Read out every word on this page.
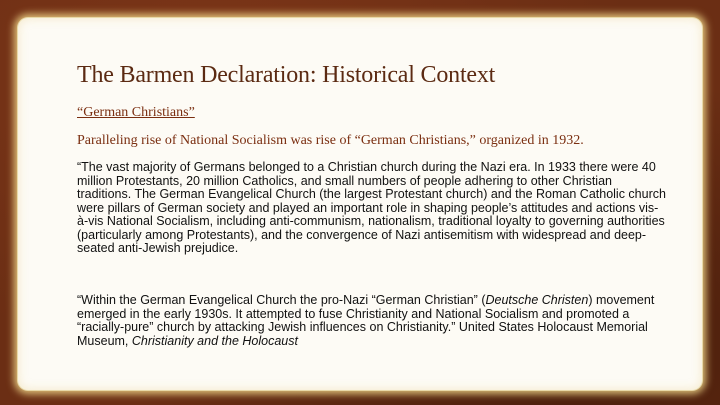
The Barmen Declaration: Historical Context
“German Christians”
Paralleling rise of National Socialism was rise of “German Christians,” organized in 1932.

“The vast majority of Germans belonged to a Christian church during the Nazi era. In 1933 there were 40 million Protestants, 20 million Catholics, and small numbers of people adhering to other Christian traditions. The German Evangelical Church (the largest Protestant church) and the Roman Catholic church were pillars of German society and played an important role in shaping people’s attitudes and actions vis-à-vis National Socialism, including anti-communism, nationalism, traditional loyalty to governing authorities (particularly among Protestants), and the convergence of Nazi antisemitism with widespread and deep-seated anti-Jewish prejudice.

“Within the German Evangelical Church the pro-Nazi “German Christian” (Deutsche Christen) movement emerged in the early 1930s. It attempted to fuse Christianity and National Socialism and promoted a “racially-pure” church by attacking Jewish influences on Christianity.” United States Holocaust Memorial Museum, Christianity and the Holocaust
